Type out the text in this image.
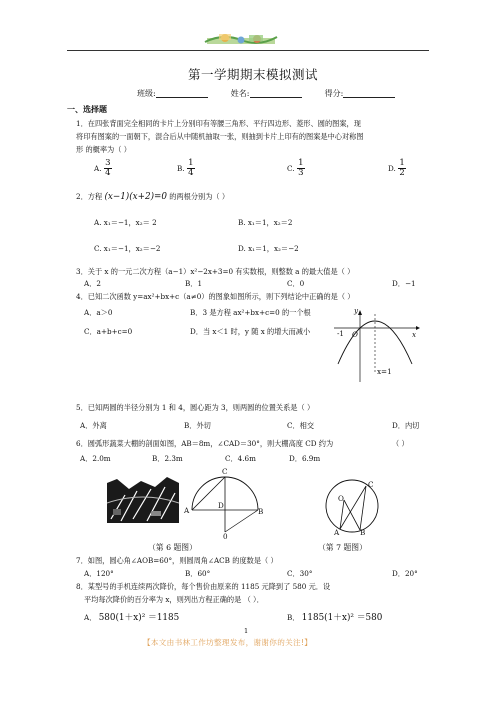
第一学期期末模拟测试
班级:	姓名:	得分:
一、选择题
1．在四张背面完全相同的卡片上分别印有等腰三角形、平行四边形、菱形、圆的图案，现
将印有图案的一面朝下，混合后从中随机抽取一张，则抽到卡片上印有的图案是中心对称图
形 的概率为（ ）
A. $\frac{3}{4}$	B. $\frac{1}{4}$	C. $\frac{1}{3}$	D. $\frac{1}{2}$
2．方程 (x−1)(x+2)=0 的两根分别为（ ）
A. x₁＝−1，x₂＝ 2	B. x₁＝1，x₂＝2
C. x₁＝−1，x₂＝−2	D. x₁＝1，x₂＝−2
3．关于 x 的一元二次方程（a−1）x²−2x+3=0 有实数根，则整数 a 的最大值是（ ）
A．2	B．1	C．0	D．−1
4．已知二次函数 y=ax²+bx+c（a≠0）的图象如图所示，则下列结论中正确的是（ ）
A．a＞0	B．3 是方程 ax²+bx+c=0 的一个根
C．a+b+c=0	D．当 x＜1 时，y 随 x 的增大而减小
y
x
O
-1
x=1
5．已知两圆的半径分别为 1 和 4，圆心距为 3，则两圆的位置关系是（ ）
A．外离	B．外切	C．相交	D．内切
6．圆弧形蔬菜大棚的剖面如图，AB＝8m，∠CAD＝30°，则大棚高度 CD 约为	（ ）
A．2.0m	B．2.3m	C．4.6m	D．6.9m
A	B
C
D
0	A	B
C
O
（第 6 题图）	（第 7 题图）
7．如图，圆心角∠AOB=60°，则圆周角∠ACB 的度数是（ ）
A．120°	B．60°	C．30°	D．20°
8．某型号的手机连续两次降价，每个售价由原来的 1185 元降到了 580 元．设
平均每次降价的百分率为 x，则列出方程正确的是 （ ）．
A． 580(1＋x)² ＝1185	B． 1185(1＋x)² ＝580
1
【本文由书林工作坊整理发布，谢谢你的关注!】
